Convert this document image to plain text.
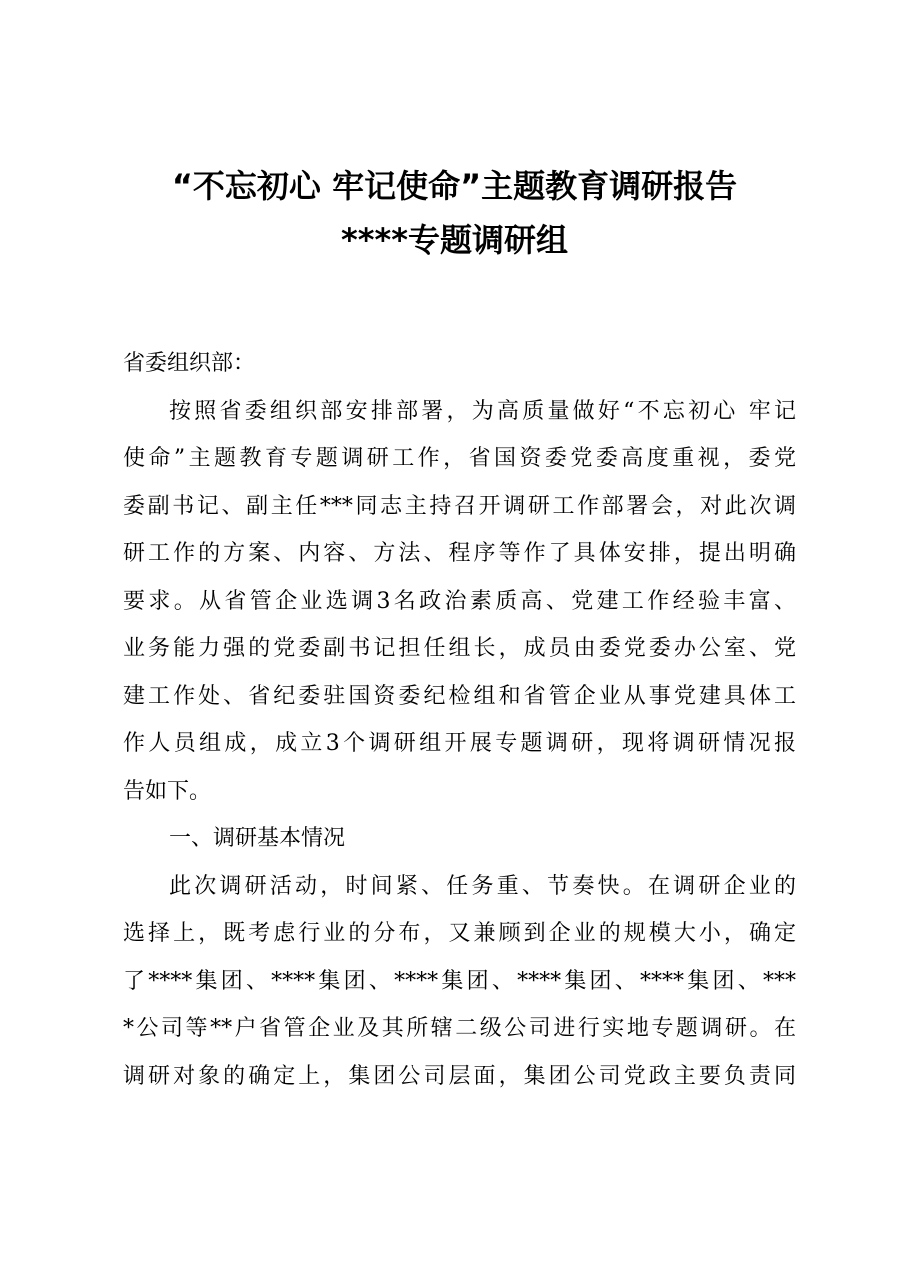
“不忘初心 牢记使命”主题教育调研报告
****专题调研组
省委组织部：
按照省委组织部安排部署，为高质量做好“不忘初心 牢记
使命”主题教育专题调研工作，省国资委党委高度重视，委党
委副书记、副主任***同志主持召开调研工作部署会，对此次调
研工作的方案、内容、方法、程序等作了具体安排，提出明确
要求。从省管企业选调3名政治素质高、党建工作经验丰富、
业务能力强的党委副书记担任组长，成员由委党委办公室、党
建工作处、省纪委驻国资委纪检组和省管企业从事党建具体工
作人员组成，成立3个调研组开展专题调研，现将调研情况报
告如下。
一、调研基本情况
此次调研活动，时间紧、任务重、节奏快。在调研企业的
选择上，既考虑行业的分布，又兼顾到企业的规模大小，确定
了****集团、****集团、****集团、****集团、****集团、***
*公司等**户省管企业及其所辖二级公司进行实地专题调研。在
调研对象的确定上，集团公司层面，集团公司党政主要负责同
